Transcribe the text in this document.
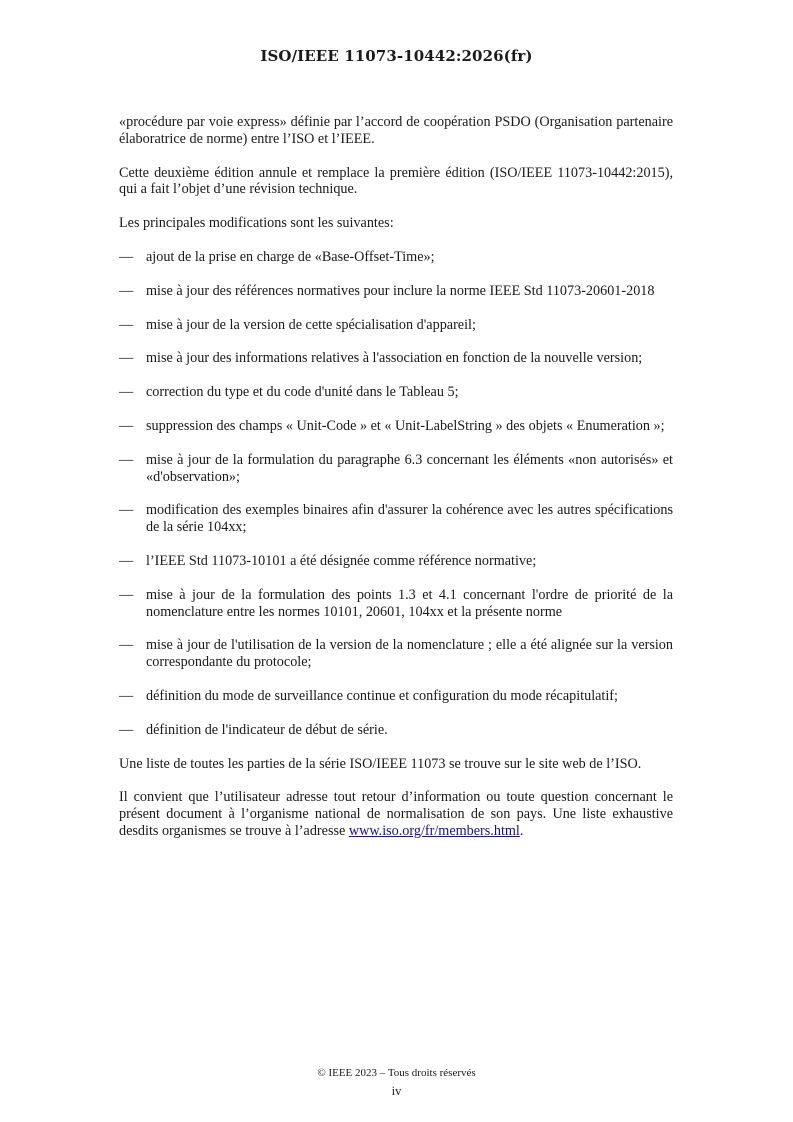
ISO/IEEE 11073-10442:2026(fr)

«procédure par voie express» définie par l’accord de coopération PSDO (Organisation partenaire élaboratrice de norme) entre l’ISO et l’IEEE.

Cette deuxième édition annule et remplace la première édition (ISO/IEEE 11073-10442:2015), qui a fait l’objet d’une révision technique.

Les principales modifications sont les suivantes:

— ajout de la prise en charge de «Base-Offset-Time»;
— mise à jour des références normatives pour inclure la norme IEEE Std 11073-20601-2018
— mise à jour de la version de cette spécialisation d'appareil;
— mise à jour des informations relatives à l'association en fonction de la nouvelle version;
— correction du type et du code d'unité dans le Tableau 5;
— suppression des champs « Unit-Code » et « Unit-LabelString » des objets « Enumeration »;
— mise à jour de la formulation du paragraphe 6.3 concernant les éléments «non autorisés» et «d'observation»;
— modification des exemples binaires afin d'assurer la cohérence avec les autres spécifications de la série 104xx;
— l’IEEE Std 11073-10101 a été désignée comme référence normative;
— mise à jour de la formulation des points 1.3 et 4.1 concernant l'ordre de priorité de la nomenclature entre les normes 10101, 20601, 104xx et la présente norme
— mise à jour de l'utilisation de la version de la nomenclature ; elle a été alignée sur la version correspondante du protocole;
— définition du mode de surveillance continue et configuration du mode récapitulatif;
— définition de l'indicateur de début de série.

Une liste de toutes les parties de la série ISO/IEEE 11073 se trouve sur le site web de l’ISO.

Il convient que l’utilisateur adresse tout retour d’information ou toute question concernant le présent document à l’organisme national de normalisation de son pays. Une liste exhaustive desdits organismes se trouve à l’adresse www.iso.org/fr/members.html.

© IEEE 2023 – Tous droits réservés
iv
